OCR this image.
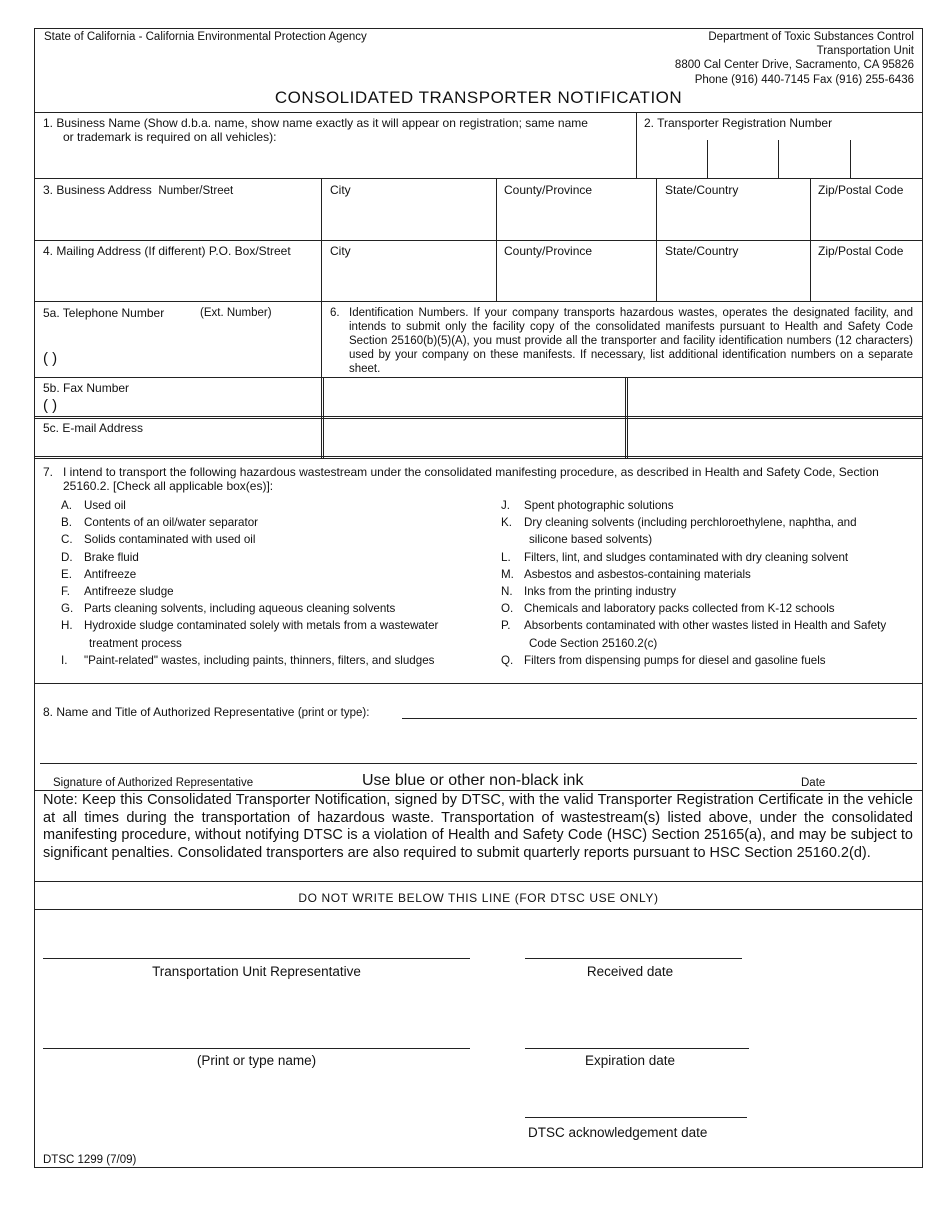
State of California - California Environmental Protection Agency	Department of Toxic Substances Control
Transportation Unit
8800 Cal Center Drive, Sacramento, CA 95826
Phone (916) 440-7145 Fax (916) 255-6436
CONSOLIDATED TRANSPORTER NOTIFICATION
1. Business Name (Show d.b.a. name, show name exactly as it will appear on registration; same name
or trademark is required on all vehicles):
2. Transporter Registration Number
3. Business Address Number/Street	City	County/Province	State/Country	Zip/Postal Code
4. Mailing Address (If different) P.O. Box/Street	City	County/Province	State/Country	Zip/Postal Code
5a. Telephone Number	(Ext. Number)
( )
6. Identification Numbers. If your company transports hazardous wastes, operates the designated facility, and intends to submit only the facility copy of the consolidated manifests pursuant to Health and Safety Code Section 25160(b)(5)(A), you must provide all the transporter and facility identification numbers (12 characters) used by your company on these manifests. If necessary, list additional identification numbers on a separate sheet.
5b. Fax Number
( )
5c. E-mail Address
7. I intend to transport the following hazardous wastestream under the consolidated manifesting procedure, as described in Health and Safety Code, Section 25160.2. [Check all applicable box(es)]:
A. Used oil
B. Contents of an oil/water separator
C. Solids contaminated with used oil
D. Brake fluid
E. Antifreeze
F. Antifreeze sludge
G. Parts cleaning solvents, including aqueous cleaning solvents
H. Hydroxide sludge contaminated solely with metals from a wastewater
treatment process
I. "Paint-related" wastes, including paints, thinners, filters, and sludges
J. Spent photographic solutions
K. Dry cleaning solvents (including perchloroethylene, naphtha, and
silicone based solvents)
L. Filters, lint, and sludges contaminated with dry cleaning solvent
M. Asbestos and asbestos-containing materials
N. Inks from the printing industry
O. Chemicals and laboratory packs collected from K-12 schools
P. Absorbents contaminated with other wastes listed in Health and Safety
Code Section 25160.2(c)
Q. Filters from dispensing pumps for diesel and gasoline fuels
8. Name and Title of Authorized Representative (print or type):
Signature of Authorized Representative	Use blue or other non-black ink	Date
Note: Keep this Consolidated Transporter Notification, signed by DTSC, with the valid Transporter Registration Certificate in the vehicle at all times during the transportation of hazardous waste. Transportation of wastestream(s) listed above, under the consolidated manifesting procedure, without notifying DTSC is a violation of Health and Safety Code (HSC) Section 25165(a), and may be subject to significant penalties. Consolidated transporters are also required to submit quarterly reports pursuant to HSC Section 25160.2(d).
DO NOT WRITE BELOW THIS LINE (FOR DTSC USE ONLY)
Transportation Unit Representative	Received date
(Print or type name)	Expiration date
DTSC acknowledgement date
DTSC 1299 (7/09)
